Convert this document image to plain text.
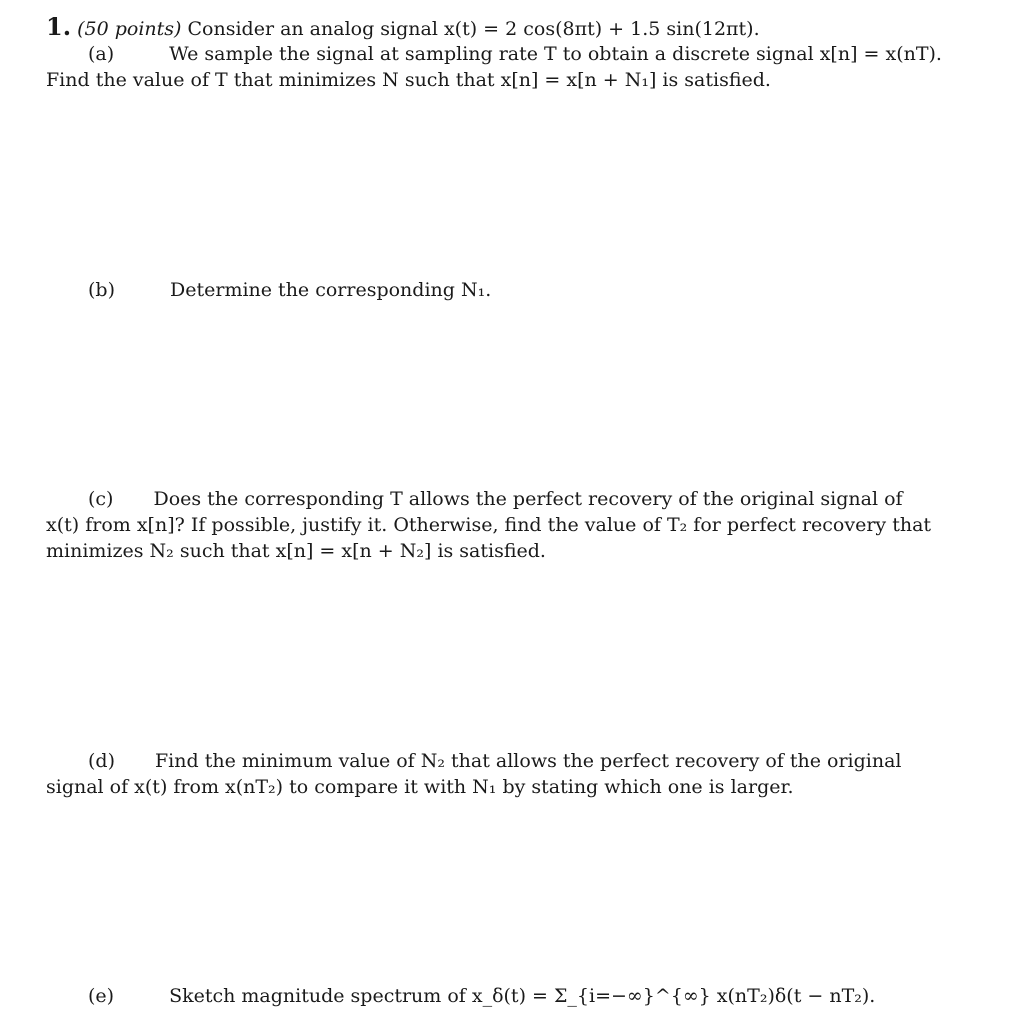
1. (50 points) Consider an analog signal x(t) = 2 cos(8πt) + 1.5 sin(12πt).
(a)	We sample the signal at sampling rate T to obtain a discrete signal x[n] = x(nT).
Find the value of T that minimizes N such that x[n] = x[n + N₁] is satisfied.
(b)	Determine the corresponding N₁.
(c) Does the corresponding T allows the perfect recovery of the original signal of
x(t) from x[n]? If possible, justify it. Otherwise, find the value of T₂ for perfect recovery that
minimizes N₂ such that x[n] = x[n + N₂] is satisfied.
(d) Find the minimum value of N₂ that allows the perfect recovery of the original
signal of x(t) from x(nT₂) to compare it with N₁ by stating which one is larger.
(e)	Sketch magnitude spectrum of x_δ(t) = Σ_{i=−∞}^{∞} x(nT₂)δ(t − nT₂).
